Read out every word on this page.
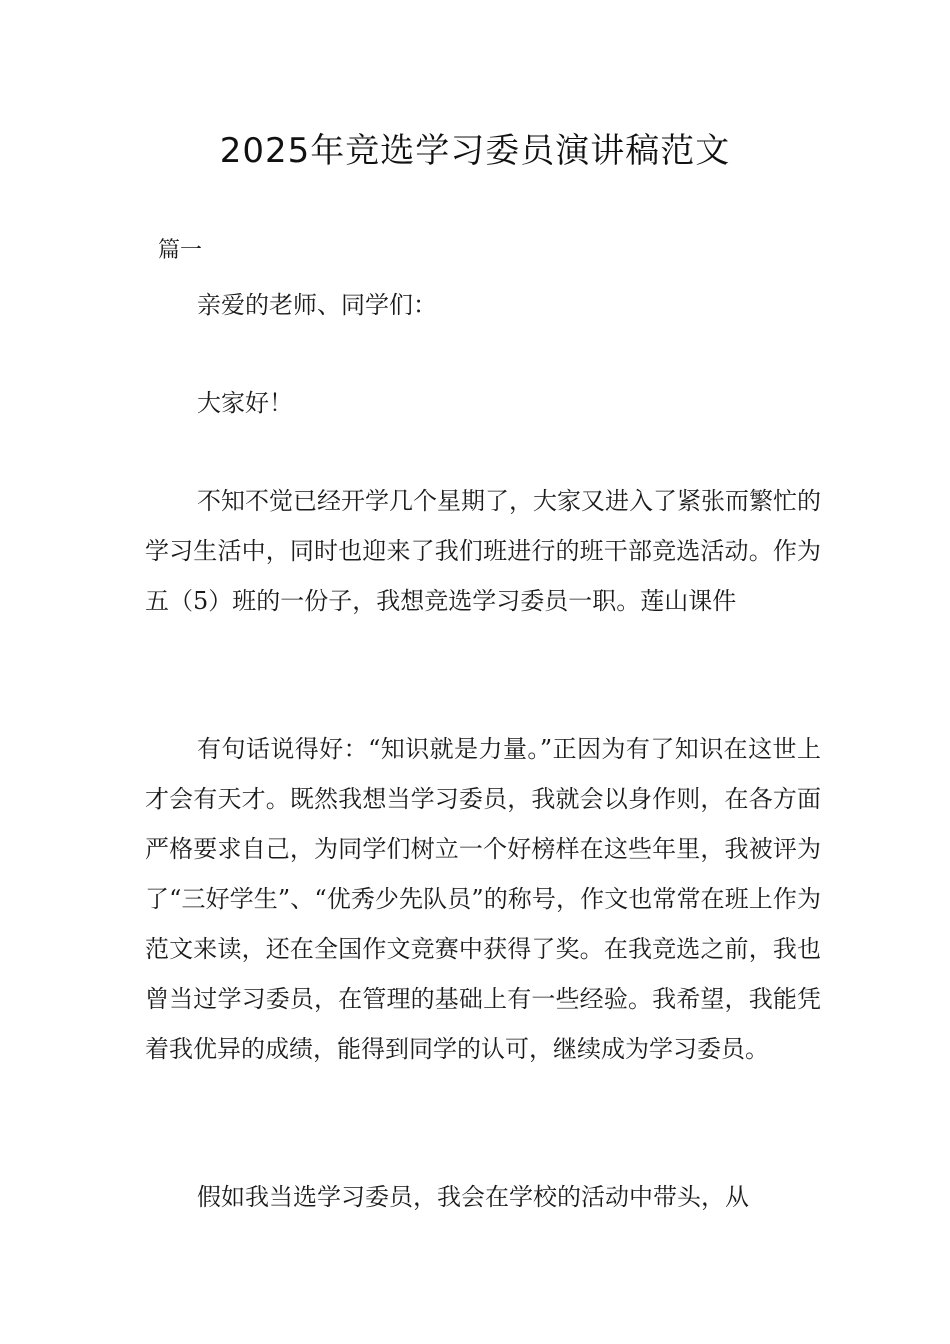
2025年竞选学习委员演讲稿范文
篇一

亲爱的老师、同学们：

大家好！

不知不觉已经开学几个星期了，大家又进入了紧张而繁忙的学习生活中，同时也迎来了我们班进行的班干部竞选活动。作为五（5）班的一份子，我想竞选学习委员一职。莲山课件

有句话说得好：“知识就是力量。”正因为有了知识在这世上才会有天才。既然我想当学习委员，我就会以身作则，在各方面严格要求自己，为同学们树立一个好榜样在这些年里，我被评为了“三好学生”、“优秀少先队员”的称号，作文也常常在班上作为范文来读，还在全国作文竞赛中获得了奖。在我竞选之前，我也曾当过学习委员，在管理的基础上有一些经验。我希望，我能凭着我优异的成绩，能得到同学的认可，继续成为学习委员。

假如我当选学习委员，我会在学校的活动中带头，从
